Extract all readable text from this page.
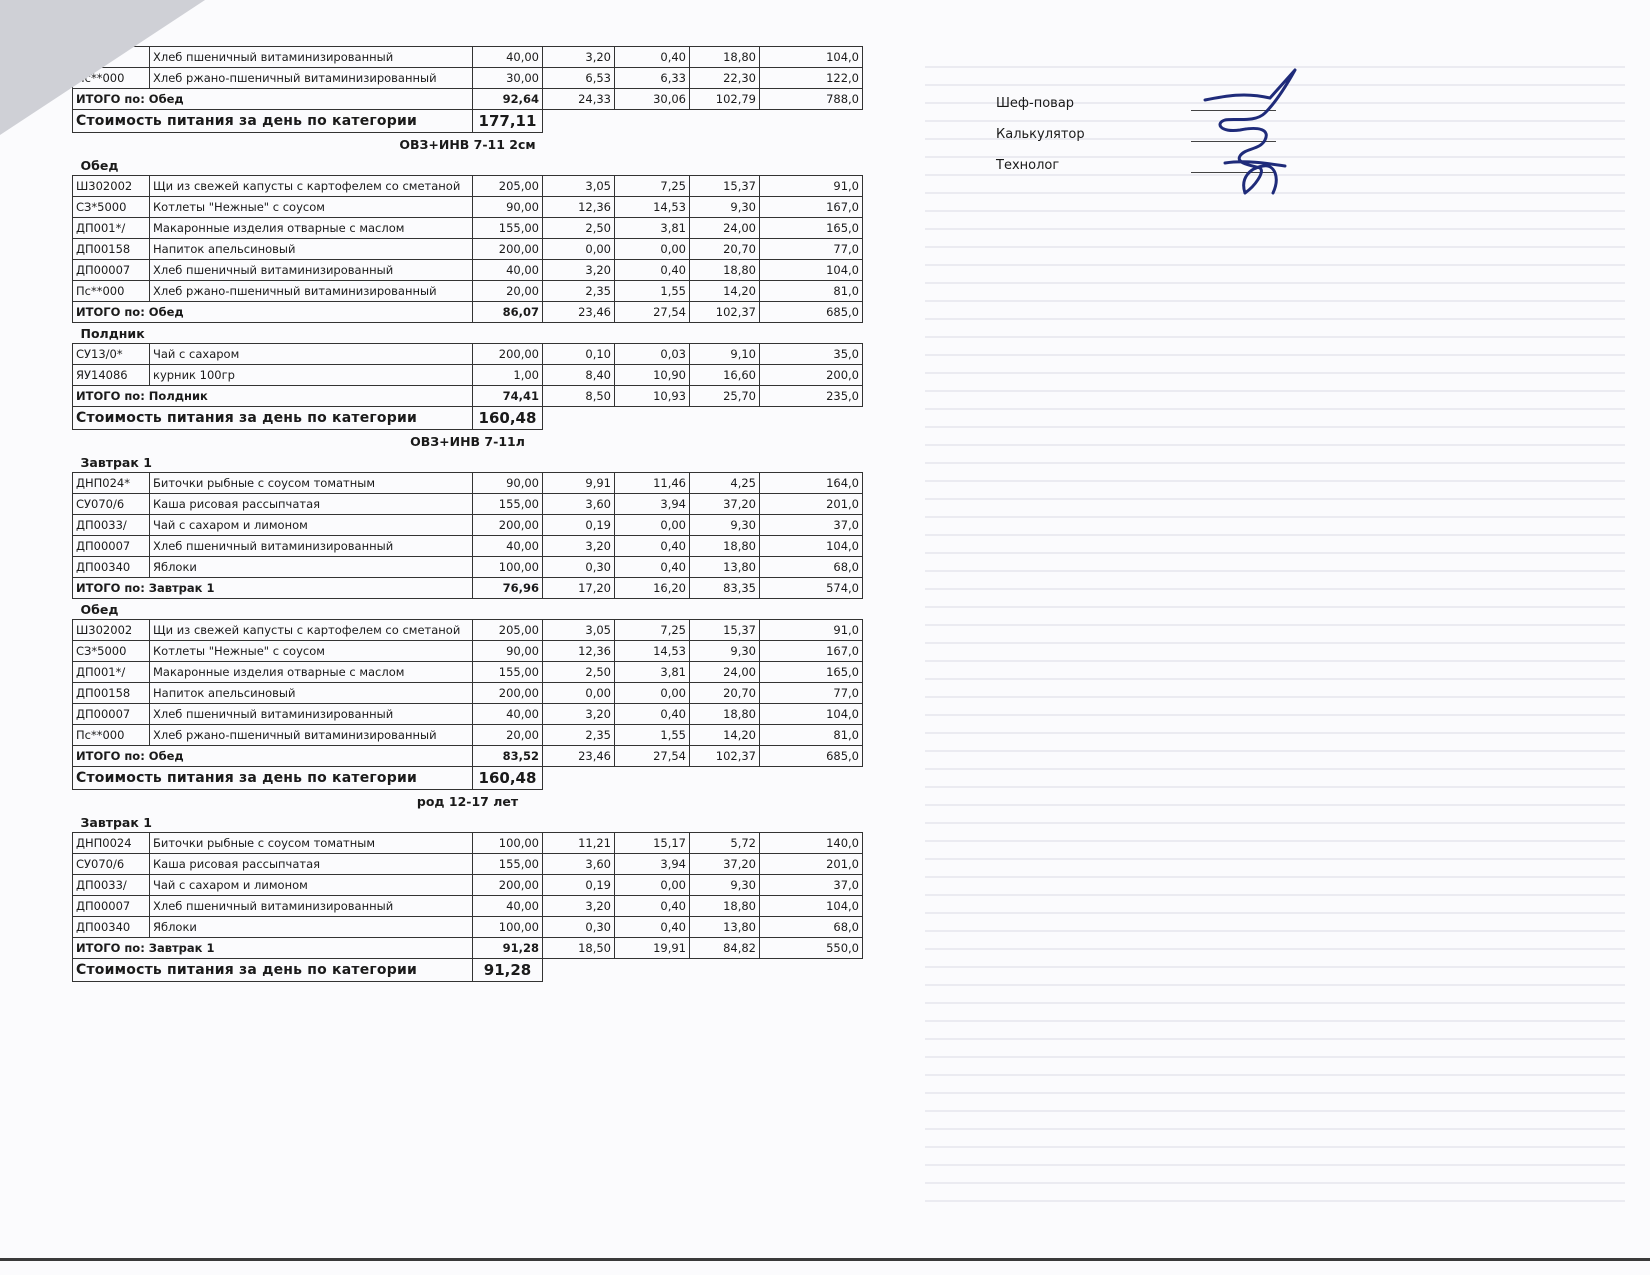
	Хлеб пшеничный витаминизированный	40,00	3,20	0,40	18,80	104,0
Пс**000	Хлеб ржано-пшеничный витаминизированный	30,00	6,53	6,33	22,30	122,0
ИТОГО по: Обед		92,64	24,33	30,06	102,79	788,0
Стоимость питания за день по категории		177,11				
ОВЗ+ИНВ 7-11 2см						
Обед						
Ш302002	Щи из свежей капусты с картофелем со сметаной	205,00	3,05	7,25	15,37	91,0
СЗ*5000	Котлеты "Нежные" с соусом	90,00	12,36	14,53	9,30	167,0
ДП001*/	Макаронные изделия отварные с маслом	155,00	2,50	3,81	24,00	165,0
ДП00158	Напиток апельсиновый	200,00	0,00	0,00	20,70	77,0
ДП00007	Хлеб пшеничный витаминизированный	40,00	3,20	0,40	18,80	104,0
Пс**000	Хлеб ржано-пшеничный витаминизированный	20,00	2,35	1,55	14,20	81,0
ИТОГО по: Обед		86,07	23,46	27,54	102,37	685,0
Полдник						
СУ13/0*	Чай с сахаром	200,00	0,10	0,03	9,10	35,0
ЯУ14086	курник 100гр	1,00	8,40	10,90	16,60	200,0
ИТОГО по: Полдник		74,41	8,50	10,93	25,70	235,0
Стоимость питания за день по категории		160,48				
ОВЗ+ИНВ 7-11л						
Завтрак 1						
ДНП024*	Биточки рыбные с соусом томатным	90,00	9,91	11,46	4,25	164,0
СУ070/6	Каша рисовая рассыпчатая	155,00	3,60	3,94	37,20	201,0
ДП0033/	Чай с сахаром и лимоном	200,00	0,19	0,00	9,30	37,0
ДП00007	Хлеб пшеничный витаминизированный	40,00	3,20	0,40	18,80	104,0
ДП00340	Яблоки	100,00	0,30	0,40	13,80	68,0
ИТОГО по: Завтрак 1		76,96	17,20	16,20	83,35	574,0
Обед						
Ш302002	Щи из свежей капусты с картофелем со сметаной	205,00	3,05	7,25	15,37	91,0
СЗ*5000	Котлеты "Нежные" с соусом	90,00	12,36	14,53	9,30	167,0
ДП001*/	Макаронные изделия отварные с маслом	155,00	2,50	3,81	24,00	165,0
ДП00158	Напиток апельсиновый	200,00	0,00	0,00	20,70	77,0
ДП00007	Хлеб пшеничный витаминизированный	40,00	3,20	0,40	18,80	104,0
Пс**000	Хлеб ржано-пшеничный витаминизированный	20,00	2,35	1,55	14,20	81,0
ИТОГО по: Обед		83,52	23,46	27,54	102,37	685,0
Стоимость питания за день по категории		160,48				
род 12-17 лет						
Завтрак 1						
ДНП0024	Биточки рыбные с соусом томатным	100,00	11,21	15,17	5,72	140,0
СУ070/6	Каша рисовая рассыпчатая	155,00	3,60	3,94	37,20	201,0
ДП0033/	Чай с сахаром и лимоном	200,00	0,19	0,00	9,30	37,0
ДП00007	Хлеб пшеничный витаминизированный	40,00	3,20	0,40	18,80	104,0
ДП00340	Яблоки	100,00	0,30	0,40	13,80	68,0
ИТОГО по: Завтрак 1		91,28	18,50	19,91	84,82	550,0
Стоимость питания за день по категории		91,28				
Шеф-повар
Калькулятор
Технолог
